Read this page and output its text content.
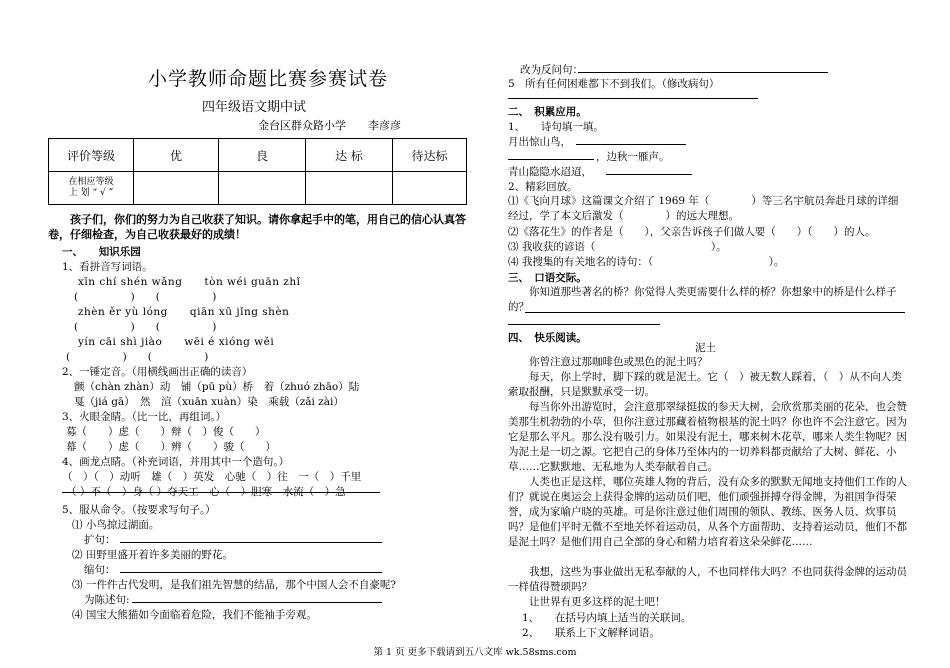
小学教师命题比赛参赛试卷
四年级语文期中试
金台区群众路小学　　李彦彦
评价等级	优	良	达 标	待达标
在相应等级
上 划 “ √ ”				
孩子们，你们的努力为自己收获了知识。请你拿起手中的笔，用自己的信心认真答卷，仔细检查，为自己收获最好的成绩！
一、　　知识乐园
1、看拼音写词语。
xīn chí shén wǎng　　tòn wéi guān zhǐ
(　　　　　)　　(　　　　　)
zhèn ěr yù lóng　　qiān xū jǐng shèn
(　　　　　)　　(　　　　　)
yín cāi shì jiào　　wēi é xióng wěi
(　　　　　)　　(　　　　　)
2、一锤定音。（用横线画出正确的读音）
颤（chàn zhàn）动　铺（pū pù）桥　着（zhuó zhāo）陆
戛（jiá gā）　然　渲（xuān xuàn）染　乘载（zǎi zài）
3、火眼金睛。（比一比，再组词。）
募（　　）虑（　　）辩（　）俊（　　）
幕（　　）虑（　　）辨（　　）骏（　　）
4、画龙点睛。（补充词语，并用其中一个造句。）
（　）（　）动听　雄（　）英发　心驰（　）往　一（　）千里
（ ）不（　）身（ ）夺天工　心（　）胆寒　水流（　）急
5、服从命令。（按要求写句子。）
⑴ 小鸟掠过湖面。
扩句：
⑵ 田野里盛开着许多美丽的野花。
缩句：
⑶ 一件件古代发明，是我们祖先智慧的结晶，那个中国人会不自豪呢?
为陈述句:
⑷ 国宝大熊猫如今面临着危险，我们不能袖手旁观。
改为反问句：
5　所有任何困难都下不到我们。（修改病句）
二、　积累应用。
1、　　诗句填一填。
月出惊山鸟，
，边秋一雁声。
青山隐隐水迢迢，
2、精彩回放。
⑴《飞向月球》这篇课文介绍了 1969 年（　　　　）等三名宇航员奔赴月球的详细经过，学了本文后激发（　　　　）的远大理想。
⑵《落花生》的作者是（　　），父亲告诉孩子们做人要（　　）（　　）的人。
⑶ 我收获的谚语（　　　　　　　　　　　）。
⑷ 我搜集的有关地名的诗句：（　　　　　　　　　　　）。
三、　口语交际。
你知道那些著名的桥？你觉得人类更需要什么样的桥？你想象中的桥是什么样子的？
四、　快乐阅读。
泥土
你曾注意过那咖啡色或黑色的泥土吗？
每天，你上学时，脚下踩的就是泥土。它（　）被无数人踩着，（　）从不向人类索取报酬，只是默默承受一切。
每当你外出游览时，会注意那翠绿挺拔的参天大树，会欣赏那美丽的花朵，也会赞美那生机勃勃的小草，但你注意过那藏着植物根基的泥土吗？你也许不会注意它。因为它是那么平凡。那么没有吸引力。如果没有泥土，哪来树木花草，哪来人类生物呢？因为泥土是一切之源。它把自己的身体乃至体内的一切养料都贡献给了大树、鲜花、小草……它默默地、无私地为人类奉献着自己。
人类也正是这样，哪位英雄人物的背后，没有众多的默默无闻地支持他们工作的人们？就说在奥运会上获得金牌的运动员们吧，他们顽强拼搏夺得金牌，为祖国争得荣誉，成为家喻户晓的英雄。可是你注意过他们周围的领队、教练、医务人员、炊事员吗？是他们平时无微不至地关怀着运动员，从各个方面帮助、支持着运动员，他们不都是泥土吗？是他们用自己全部的身心和精力培育着这朵朵鲜花……
我想，这些为事业做出无私奉献的人，不也同样伟大吗？不也同获得金牌的运动员一样值得赞颂吗？
让世界有更多这样的泥土吧！
1、　　在括号内填上适当的关联词。
2、　　联系上下文解释词语。
第 1 页 更多下载请到五八文库 wk.58sms.com
